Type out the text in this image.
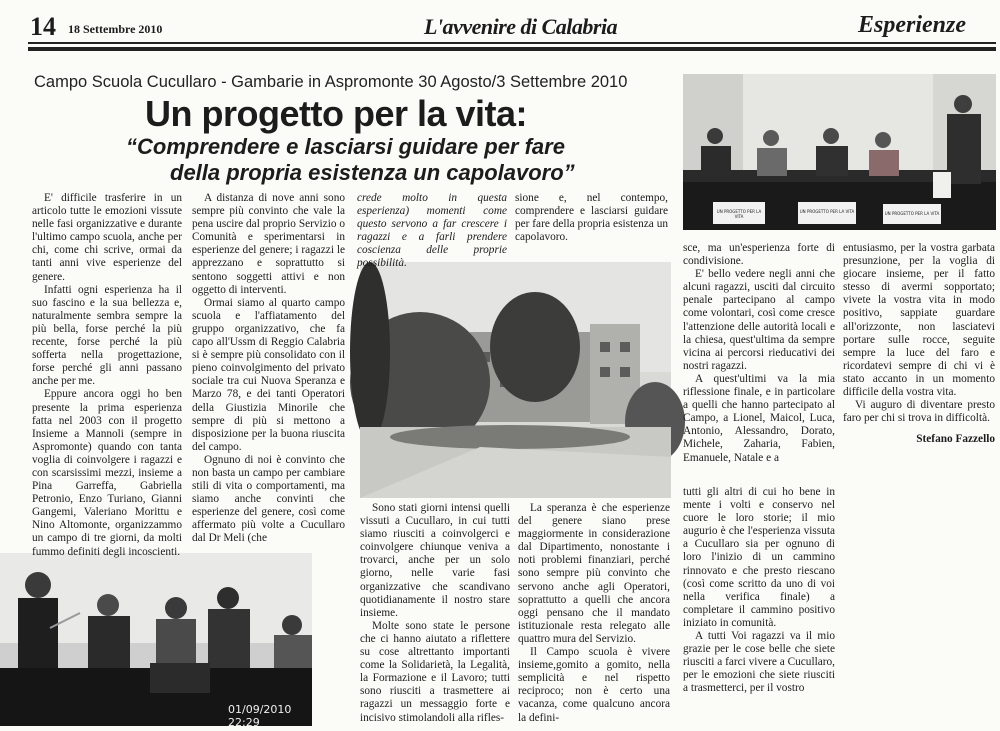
14 18 Settembre 2010	L'avvenire di Calabria	Esperienze
Campo Scuola Cucullaro - Gambarie in Aspromonte 30 Agosto/3 Settembre 2010
Un progetto per la vita:
“Comprendere e lasciarsi guidare per fare
della propria esistenza un capolavoro”
UN PROGETTO PER LA VITA
UN PROGETTO PER LA VITA	UN PROGETTO PER LA VITA
01/09/2010 22:29

E' difficile trasferire in un articolo tutte le emozioni vissute nelle fasi organizzative e durante l'ultimo campo scuola, anche per chi, come chi scrive, ormai da tanti anni vive esperienze del genere.

Infatti ogni esperienza ha il suo fascino e la sua bellezza e, naturalmente sembra sempre la più bella, forse perché la più recente, forse perché la più sofferta nella progettazione, forse perché gli anni passano anche per me.

Eppure ancora oggi ho ben presente la prima esperienza fatta nel 2003 con il progetto Insieme a Mannoli (sempre in Aspromonte) quando con tanta voglia di coinvolgere i ragazzi e con scarsissimi mezzi, insieme a Pina Garreffa, Gabriella Petronio, Enzo Turiano, Gianni Gangemi, Valeriano Morittu e Nino Altomonte, organizzammo un campo di tre giorni, da molti fummo definiti degli incoscienti.

A distanza di nove anni sono sempre più convinto che vale la pena uscire dal proprio Servizio o Comunità e sperimentarsi in esperienze del genere; i ragazzi le apprezzano e soprattutto si sentono soggetti attivi e non oggetto di interventi.

Ormai siamo al quarto campo scuola e l'affiatamento del gruppo organizzativo, che fa capo all'Ussm di Reggio Calabria si è sempre più consolidato con il pieno coinvolgimento del privato sociale tra cui Nuova Speranza e Marzo 78, e dei tanti Operatori della Giustizia Minorile che sempre di più si mettono a disposizione per la buona riuscita del campo.

Ognuno di noi è convinto che non basta un campo per cambiare stili di vita o comportamenti, ma siamo anche convinti che esperienze del genere, così come affermato più volte a Cucullaro dal Dr Meli (che

crede molto in questa esperienza) momenti come questo servono a far crescere i ragazzi e a farli prendere coscienza delle proprie possibilità.

sione e, nel contempo, comprendere e lasciarsi guidare per fare della propria esistenza un capolavoro.

Sono stati giorni intensi quelli vissuti a Cucullaro, in cui tutti siamo riusciti a coinvolgerci e coinvolgere chiunque veniva a trovarci, anche per un solo giorno, nelle varie fasi organizzative che scandivano quotidianamente il nostro stare insieme.

Molte sono state le persone che ci hanno aiutato a riflettere su cose altrettanto importanti come la Solidarietà, la Legalità, la Formazione e il Lavoro; tutti sono riusciti a trasmettere ai ragazzi un messaggio forte e incisivo stimolandoli alla rifles-

La speranza è che esperienze del genere siano prese maggiormente in considerazione dal Dipartimento, nonostante i noti problemi finanziari, perché sono sempre più convinto che servono anche agli Operatori, soprattutto a quelli che ancora oggi pensano che il mandato istituzionale resta relegato alle quattro mura del Servizio.

Il Campo scuola è vivere insieme,gomito a gomito, nella semplicità e nel rispetto reciproco; non è certo una vacanza, come qualcuno ancora la defini-

sce, ma un'esperienza forte di condivisione.

E' bello vedere negli anni che alcuni ragazzi, usciti dal circuito penale partecipano al campo come volontari, così come cresce l'attenzione delle autorità locali e la chiesa, quest'ultima da sempre vicina ai percorsi rieducativi dei nostri ragazzi.

A quest'ultimi va la mia riflessione finale, e in particolare a quelli che hanno partecipato al Campo, a Lionel, Maicol, Luca, Antonio, Alessandro, Dorato, Michele, Zaharia, Fabien, Emanuele, Natale e a

tutti gli altri di cui ho bene in mente i volti e conservo nel cuore le loro storie; il mio augurio è che l'esperienza vissuta a Cucullaro sia per ognuno di loro l'inizio di un cammino rinnovato e che presto riescano (così come scritto da uno di voi nella verifica finale) a completare il cammino positivo iniziato in comunità.

A tutti Voi ragazzi va il mio grazie per le cose belle che siete riusciti a farci vivere a Cucullaro, per le emozioni che siete riusciti a trasmetterci, per il vostro

entusiasmo, per la vostra garbata presunzione, per la voglia di giocare insieme, per il fatto stesso di avermi sopportato; vivete la vostra vita in modo positivo, sappiate guardare all'orizzonte, non lasciatevi portare sulle rocce, seguite sempre la luce del faro e ricordatevi sempre di chi vi è stato accanto in un momento difficile della vostra vita.

Vi auguro di diventare presto faro per chi si trova in difficoltà.

Stefano Fazzello
